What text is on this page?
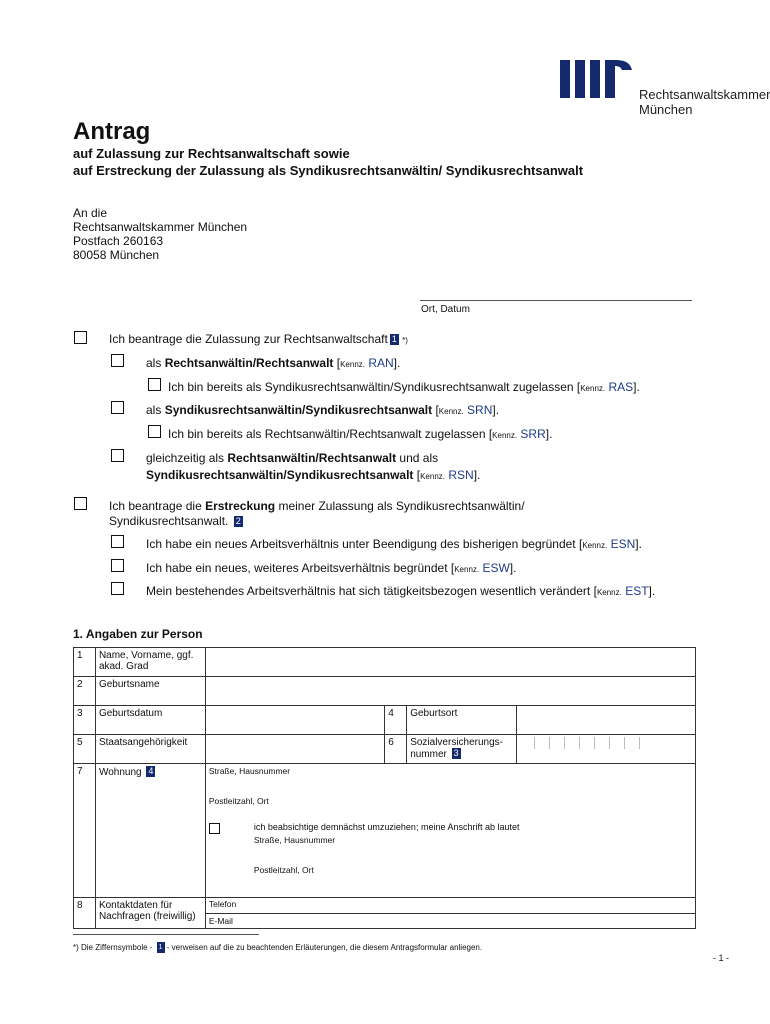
Rechtsanwaltskammer
München
Antrag
auf Zulassung zur Rechtsanwaltschaft sowie
auf Erstreckung der Zulassung als Syndikusrechtsanwältin/ Syndikusrechtsanwalt
An die
Rechtsanwaltskammer München
Postfach 260163
80058 München
Ort, Datum
Ich beantrage die Zulassung zur Rechtsanwaltschaft 1 *)
als Rechtsanwältin/Rechtsanwalt [Kennz. RAN].
Ich bin bereits als Syndikusrechtsanwältin/Syndikusrechtsanwalt zugelassen [Kennz. RAS].
als Syndikusrechtsanwältin/Syndikusrechtsanwalt [Kennz. SRN].
Ich bin bereits als Rechtsanwältin/Rechtsanwalt zugelassen [Kennz. SRR].
gleichzeitig als Rechtsanwältin/Rechtsanwalt und als
Syndikusrechtsanwältin/Syndikusrechtsanwalt [Kennz. RSN].
Ich beantrage die Erstreckung meiner Zulassung als Syndikusrechtsanwältin/
Syndikusrechtsanwalt. 2
Ich habe ein neues Arbeitsverhältnis unter Beendigung des bisherigen begründet [Kennz. ESN].
Ich habe ein neues, weiteres Arbeitsverhältnis begründet [Kennz. ESW].
Mein bestehendes Arbeitsverhältnis hat sich tätigkeitsbezogen wesentlich verändert [Kennz. EST].
1. Angaben zur Person
1	Name, Vorname, ggf. akad. Grad				
2	Geburtsname				
3	Geburtsdatum		4	Geburtsort	
5	Staatsangehörigkeit		6	Sozialversicherungs-nummer 3	

7	Wohnung 4	Straße, Hausnummer
Postleitzahl, Ort
ich beabsichtige demnächst umzuziehen; meine Anschrift ab lautet
Straße, Hausnummer
Postleitzahl, Ort			

8	Kontaktdaten für Nachfragen (freiwillig)	Telefon
E-Mail			
*) Die Ziffernsymbole - 1 - verweisen auf die zu beachtenden Erläuterungen, die diesem Antragsformular anliegen.
- 1 -
